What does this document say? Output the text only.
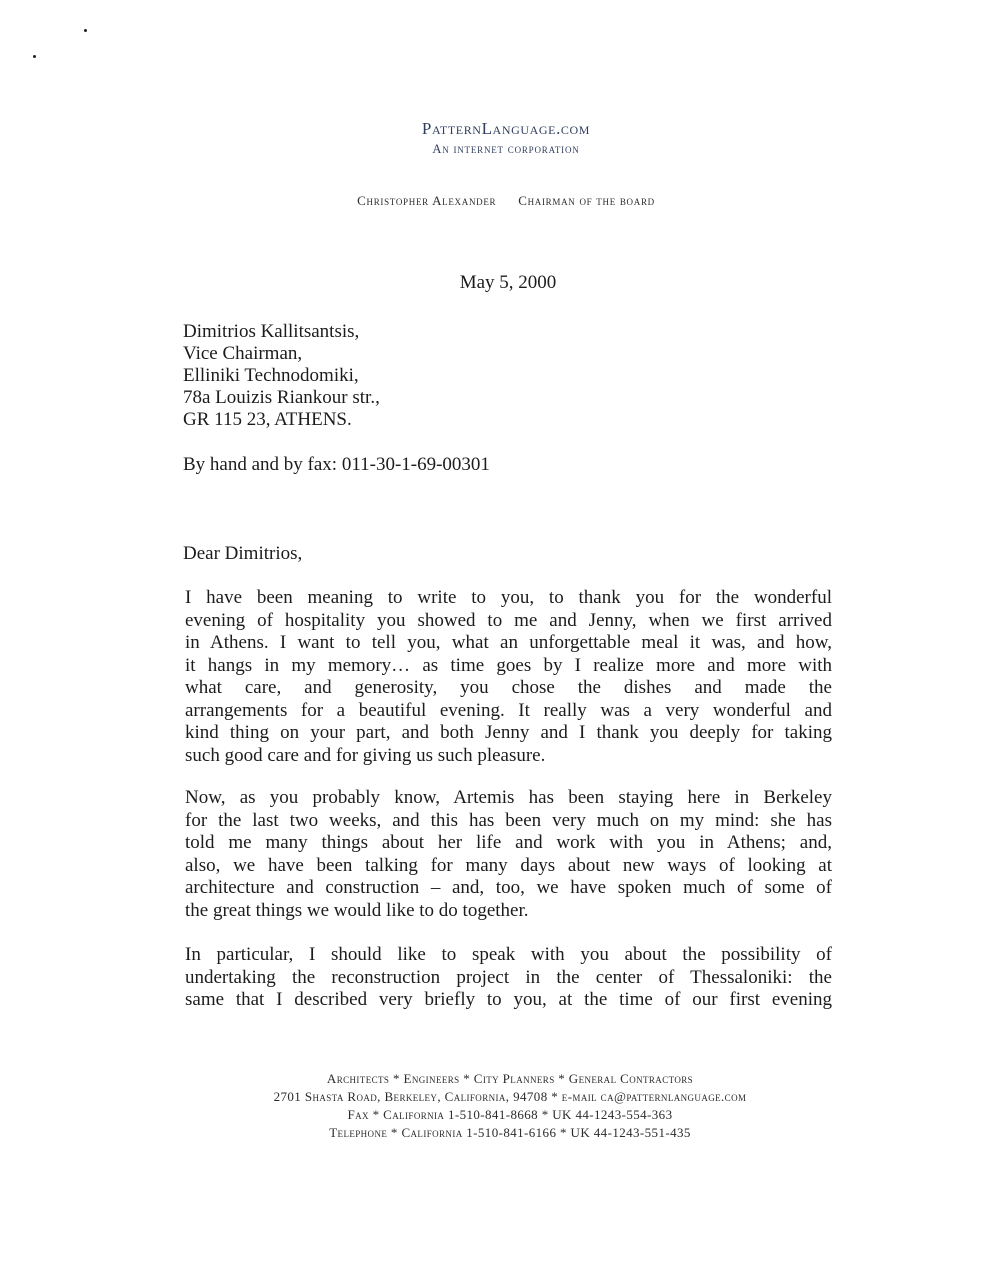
PatternLanguage.com
An internet corporation
Christopher Alexander Chairman of the board
May 5, 2000
Dimitrios Kallitsantsis,
Vice Chairman,
Elliniki Technodomiki,
78a Louizis Riankour str.,
GR 115 23, ATHENS.
By hand and by fax: 011-30-1-69-00301
Dear Dimitrios,
I have been meaning to write to you, to thank you for the wonderful
evening of hospitality you showed to me and Jenny, when we first arrived
in Athens. I want to tell you, what an unforgettable meal it was, and how,
it hangs in my memory… as time goes by I realize more and more with
what care, and generosity, you chose the dishes and made the
arrangements for a beautiful evening. It really was a very wonderful and
kind thing on your part, and both Jenny and I thank you deeply for taking
such good care and for giving us such pleasure.
Now, as you probably know, Artemis has been staying here in Berkeley
for the last two weeks, and this has been very much on my mind: she has
told me many things about her life and work with you in Athens; and,
also, we have been talking for many days about new ways of looking at
architecture and construction – and, too, we have spoken much of some of
the great things we would like to do together.
In particular, I should like to speak with you about the possibility of
undertaking the reconstruction project in the center of Thessaloniki: the
same that I described very briefly to you, at the time of our first evening
Architects * Engineers * City Planners * General Contractors
2701 Shasta Road, Berkeley, California, 94708 * e-mail ca@patternlanguage.com
Fax * California 1-510-841-8668 * UK 44-1243-554-363
Telephone * California 1-510-841-6166 * UK 44-1243-551-435
